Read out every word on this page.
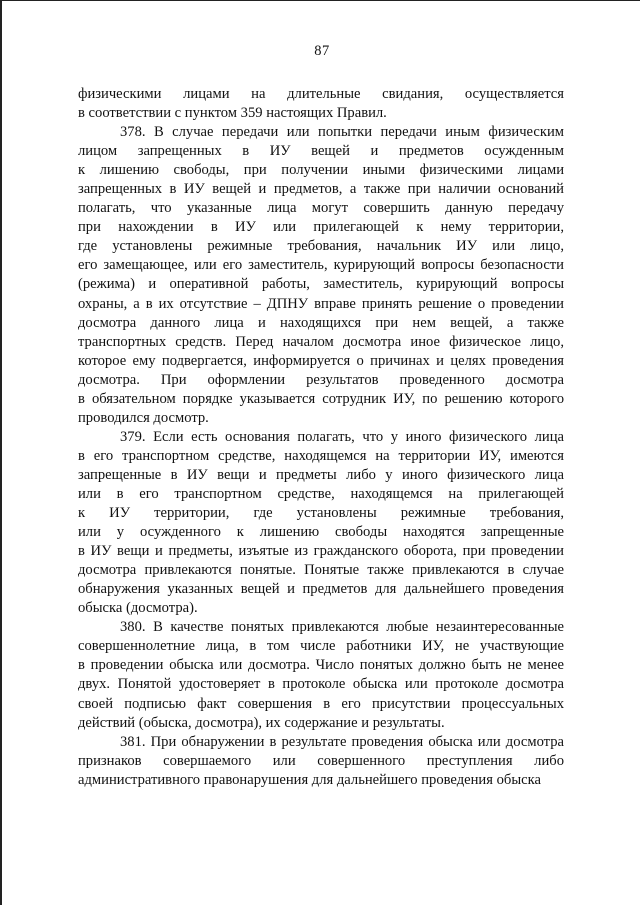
87
физическими лицами на длительные свидания, осуществляется
в соответствии с пунктом 359 настоящих Правил.
378. В случае передачи или попытки передачи иным физическим
лицом запрещенных в ИУ вещей и предметов осужденным
к лишению свободы, при получении иными физическими лицами
запрещенных в ИУ вещей и предметов, а также при наличии оснований
полагать, что указанные лица могут совершить данную передачу
при нахождении в ИУ или прилегающей к нему территории,
где установлены режимные требования, начальник ИУ или лицо,
его замещающее, или его заместитель, курирующий вопросы безопасности
(режима) и оперативной работы, заместитель, курирующий вопросы
охраны, а в их отсутствие – ДПНУ вправе принять решение о проведении
досмотра данного лица и находящихся при нем вещей, а также
транспортных средств. Перед началом досмотра иное физическое лицо,
которое ему подвергается, информируется о причинах и целях проведения
досмотра. При оформлении результатов проведенного досмотра
в обязательном порядке указывается сотрудник ИУ, по решению которого
проводился досмотр.
379. Если есть основания полагать, что у иного физического лица
в его транспортном средстве, находящемся на территории ИУ, имеются
запрещенные в ИУ вещи и предметы либо у иного физического лица
или в его транспортном средстве, находящемся на прилегающей
к ИУ территории, где установлены режимные требования,
или у осужденного к лишению свободы находятся запрещенные
в ИУ вещи и предметы, изъятые из гражданского оборота, при проведении
досмотра привлекаются понятые. Понятые также привлекаются в случае
обнаружения указанных вещей и предметов для дальнейшего проведения
обыска (досмотра).
380. В качестве понятых привлекаются любые незаинтересованные
совершеннолетние лица, в том числе работники ИУ, не участвующие
в проведении обыска или досмотра. Число понятых должно быть не менее
двух. Понятой удостоверяет в протоколе обыска или протоколе досмотра
своей подписью факт совершения в его присутствии процессуальных
действий (обыска, досмотра), их содержание и результаты.
381. При обнаружении в результате проведения обыска или досмотра
признаков совершаемого или совершенного преступления либо
административного правонарушения для дальнейшего проведения обыска
